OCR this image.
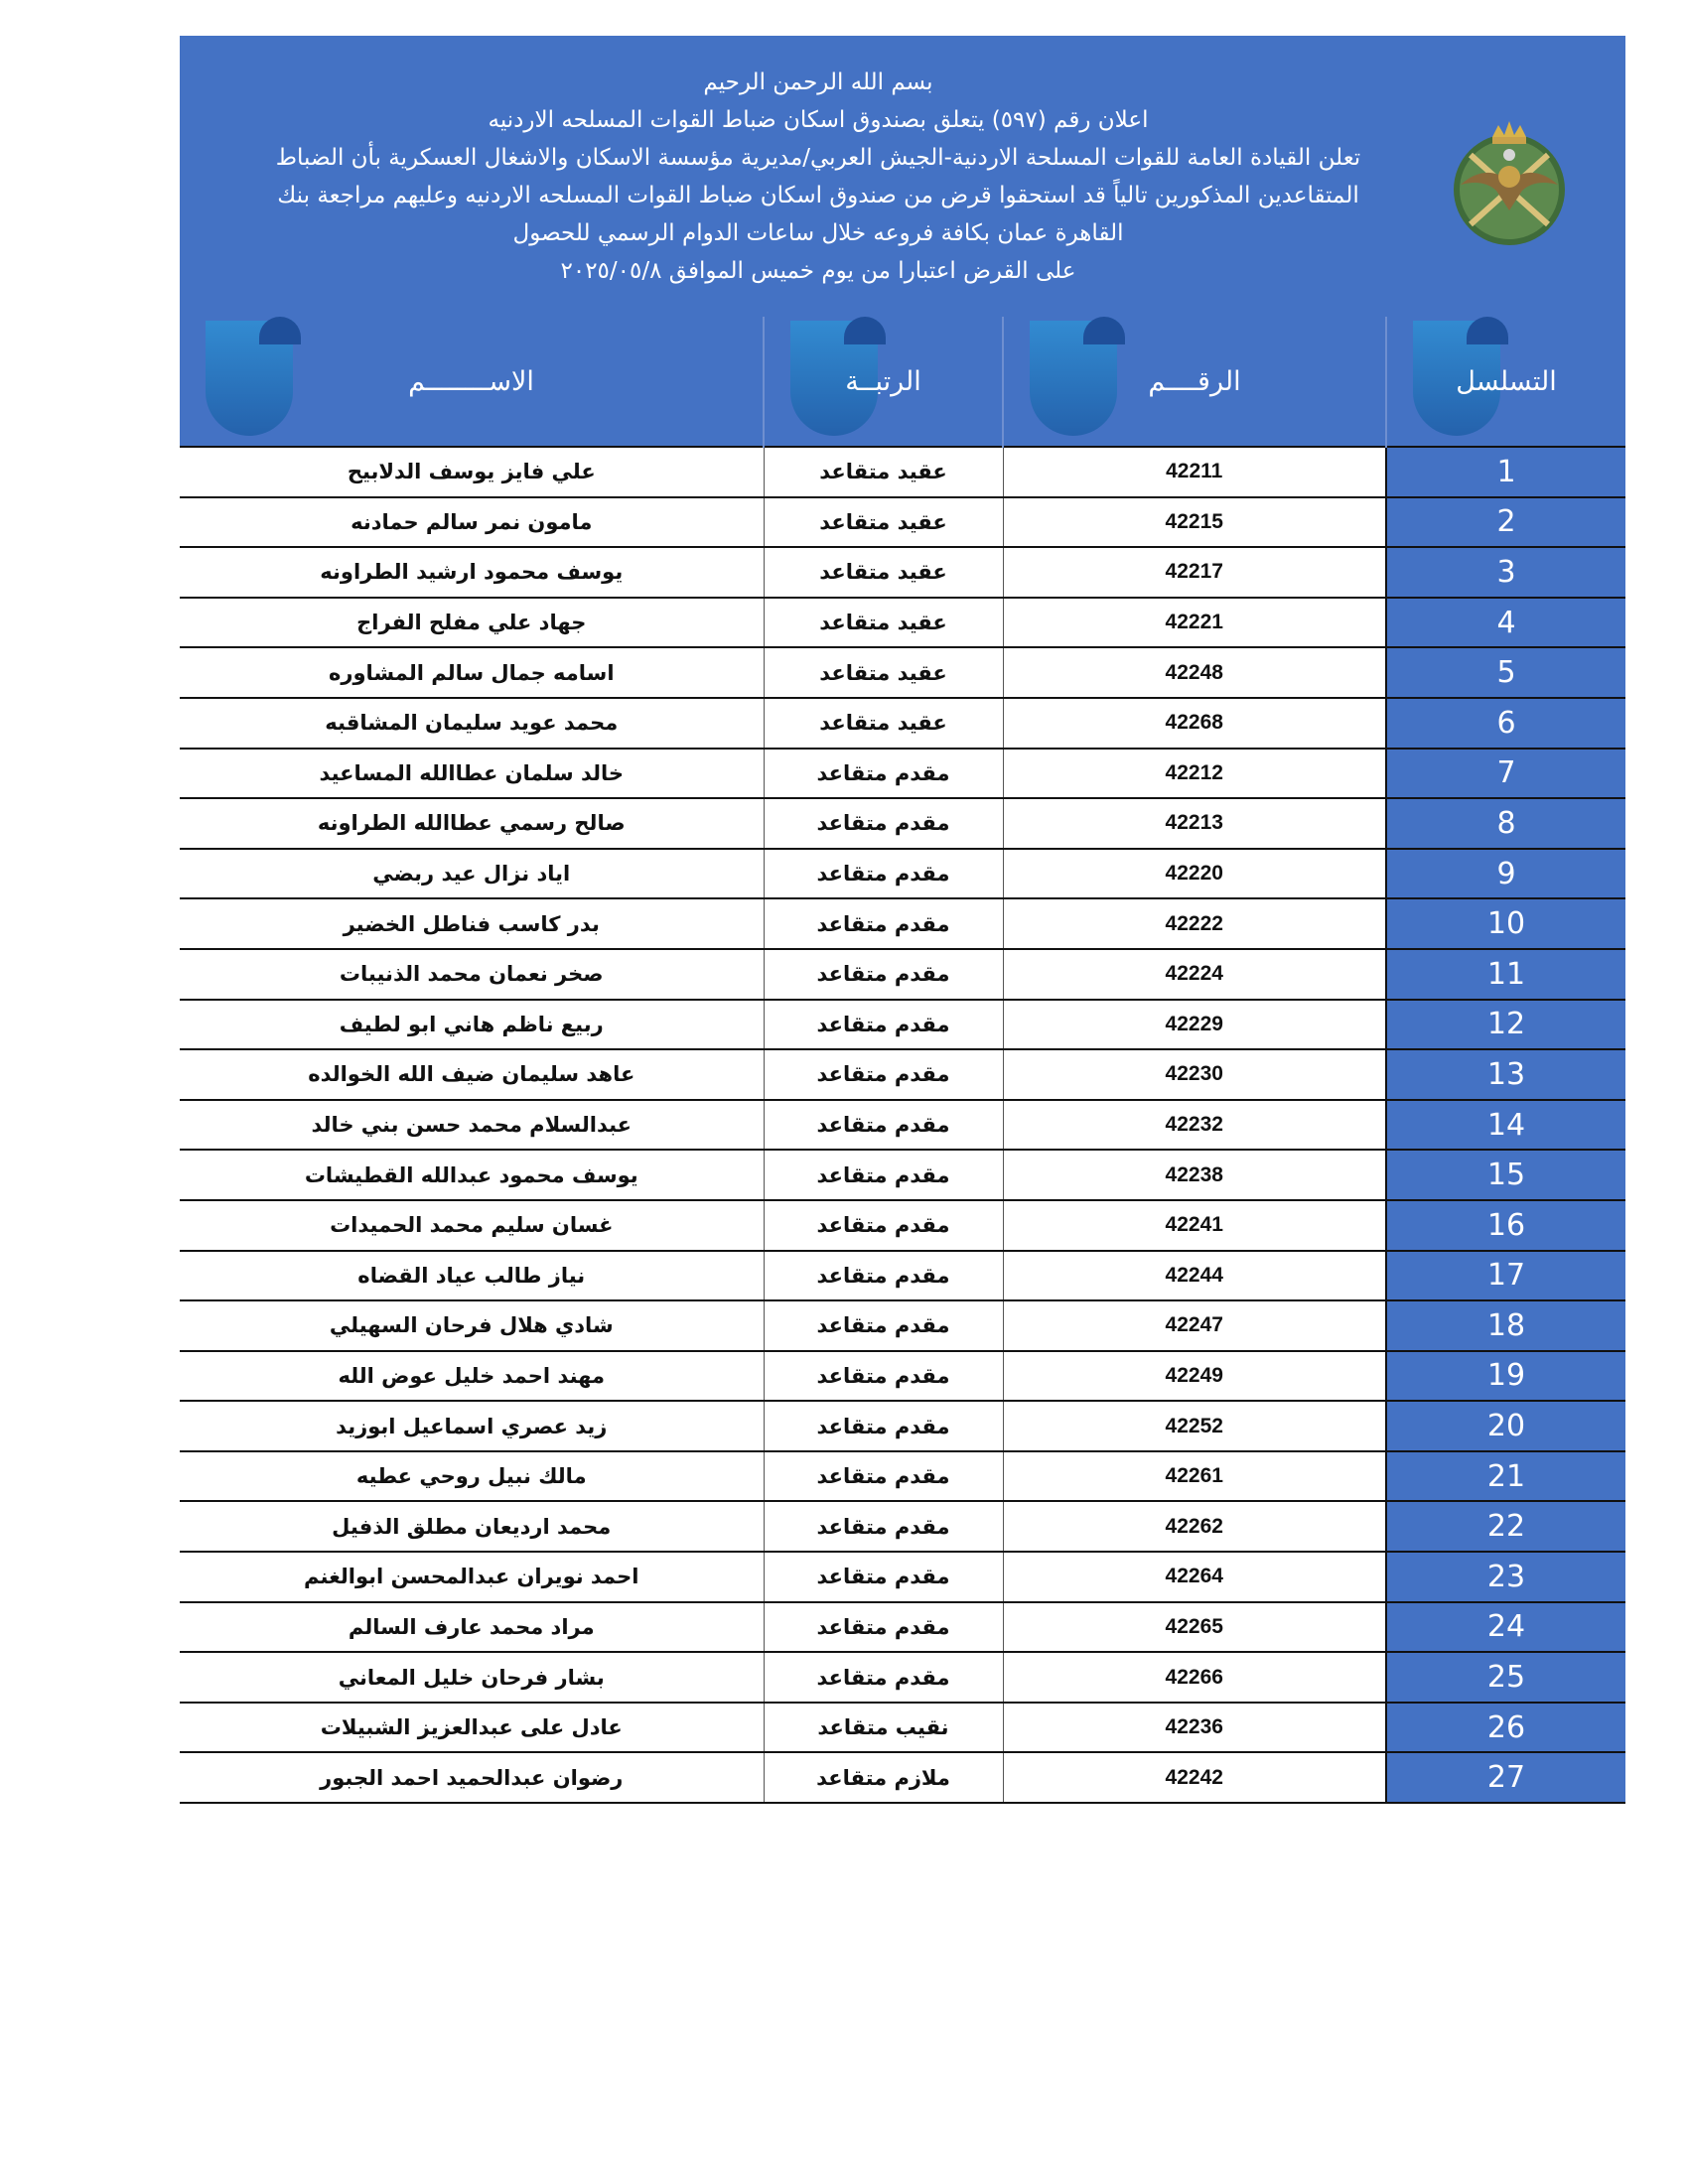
بسم الله الرحمن الرحيم
اعلان رقم (٥٩٧) يتعلق بصندوق اسكان ضباط القوات المسلحه الاردنيه
تعلن القيادة العامة للقوات المسلحة الاردنية-الجيش العربي/مديرية مؤسسة الاسكان والاشغال العسكرية بأن الضباط
المتقاعدين المذكورين تالياً قد استحقوا قرض من صندوق اسكان ضباط القوات المسلحه الاردنيه وعليهم مراجعة بنك
القاهرة عمان بكافة فروعه خلال ساعات الدوام الرسمي للحصول
على القرض اعتبارا من يوم خميس الموافق ٢٠٢٥/٠٥/٨
التسلسل	الرقــــم	الرتبــة	الاســــــــم
1	42211	عقيد متقاعد	علي فايز يوسف الدلابيح
2	42215	عقيد متقاعد	مامون نمر سالم حمادنه
3	42217	عقيد متقاعد	يوسف محمود ارشيد الطراونه
4	42221	عقيد متقاعد	جهاد علي مفلح الفراج
5	42248	عقيد متقاعد	اسامه جمال سالم المشاوره
6	42268	عقيد متقاعد	محمد عويد سليمان المشاقبه
7	42212	مقدم متقاعد	خالد سلمان عطاالله المساعيد
8	42213	مقدم متقاعد	صالح رسمي عطاالله الطراونه
9	42220	مقدم متقاعد	اياد نزال عيد ربضي
10	42222	مقدم متقاعد	بدر كاسب فناطل الخضير
11	42224	مقدم متقاعد	صخر نعمان محمد الذنيبات
12	42229	مقدم متقاعد	ربيع ناظم هاني ابو لطيف
13	42230	مقدم متقاعد	عاهد سليمان ضيف الله الخوالده
14	42232	مقدم متقاعد	عبدالسلام محمد حسن بني خالد
15	42238	مقدم متقاعد	يوسف محمود عبدالله القطيشات
16	42241	مقدم متقاعد	غسان سليم محمد الحميدات
17	42244	مقدم متقاعد	نياز طالب عياد القضاه
18	42247	مقدم متقاعد	شادي هلال فرحان السهيلي
19	42249	مقدم متقاعد	مهند احمد خليل عوض الله
20	42252	مقدم متقاعد	زيد عصري اسماعيل ابوزيد
21	42261	مقدم متقاعد	مالك نبيل روحي عطيه
22	42262	مقدم متقاعد	محمد ارديعان مطلق الذفيل
23	42264	مقدم متقاعد	احمد نويران عبدالمحسن ابوالغنم
24	42265	مقدم متقاعد	مراد محمد عارف السالم
25	42266	مقدم متقاعد	بشار فرحان خليل المعاني
26	42236	نقيب متقاعد	عادل على عبدالعزيز الشبيلات
27	42242	ملازم متقاعد	رضوان عبدالحميد احمد الجبور
